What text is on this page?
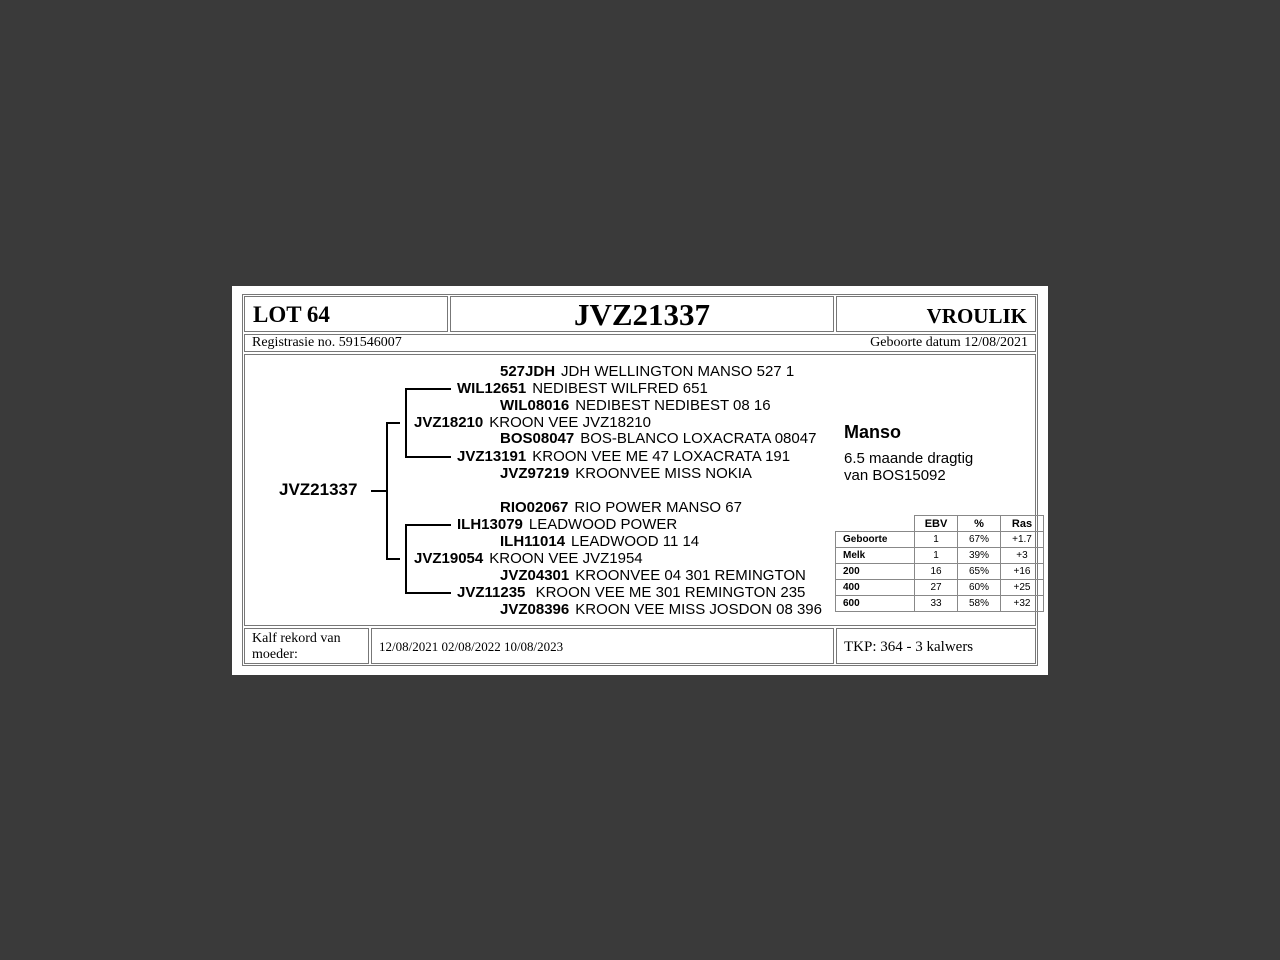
LOT 64	JVZ21337	VROULIK
Registrasie no. 591546007	Geboorte datum 12/08/2021
JVZ21337
JVZ18210 KROON VEE JVZ18210
JVZ19054 KROON VEE JVZ1954
WIL12651 NEDIBEST WILFRED 651
JVZ13191 KROON VEE ME 47 LOXACRATA 191
ILH13079 LEADWOOD POWER
JVZ11235 KROON VEE ME 301 REMINGTON 235
527JDH JDH WELLINGTON MANSO 527 1
WIL08016 NEDIBEST NEDIBEST 08 16
BOS08047 BOS-BLANCO LOXACRATA 08047
JVZ97219 KROONVEE MISS NOKIA
RIO02067 RIO POWER MANSO 67
ILH11014 LEADWOOD 11 14
JVZ04301 KROONVEE 04 301 REMINGTON
JVZ08396 KROON VEE MISS JOSDON 08 396
Manso
6.5 maande dragtig
van BOS15092
	EBV	%	Ras
Geboorte	1	67%	+1.7
Melk	1	39%	+3
200	16	65%	+16
400	27	60%	+25
600	33	58%	+32
Kalf rekord van moeder:
12/08/2021 02/08/2022 10/08/2023	TKP: 364 - 3 kalwers
